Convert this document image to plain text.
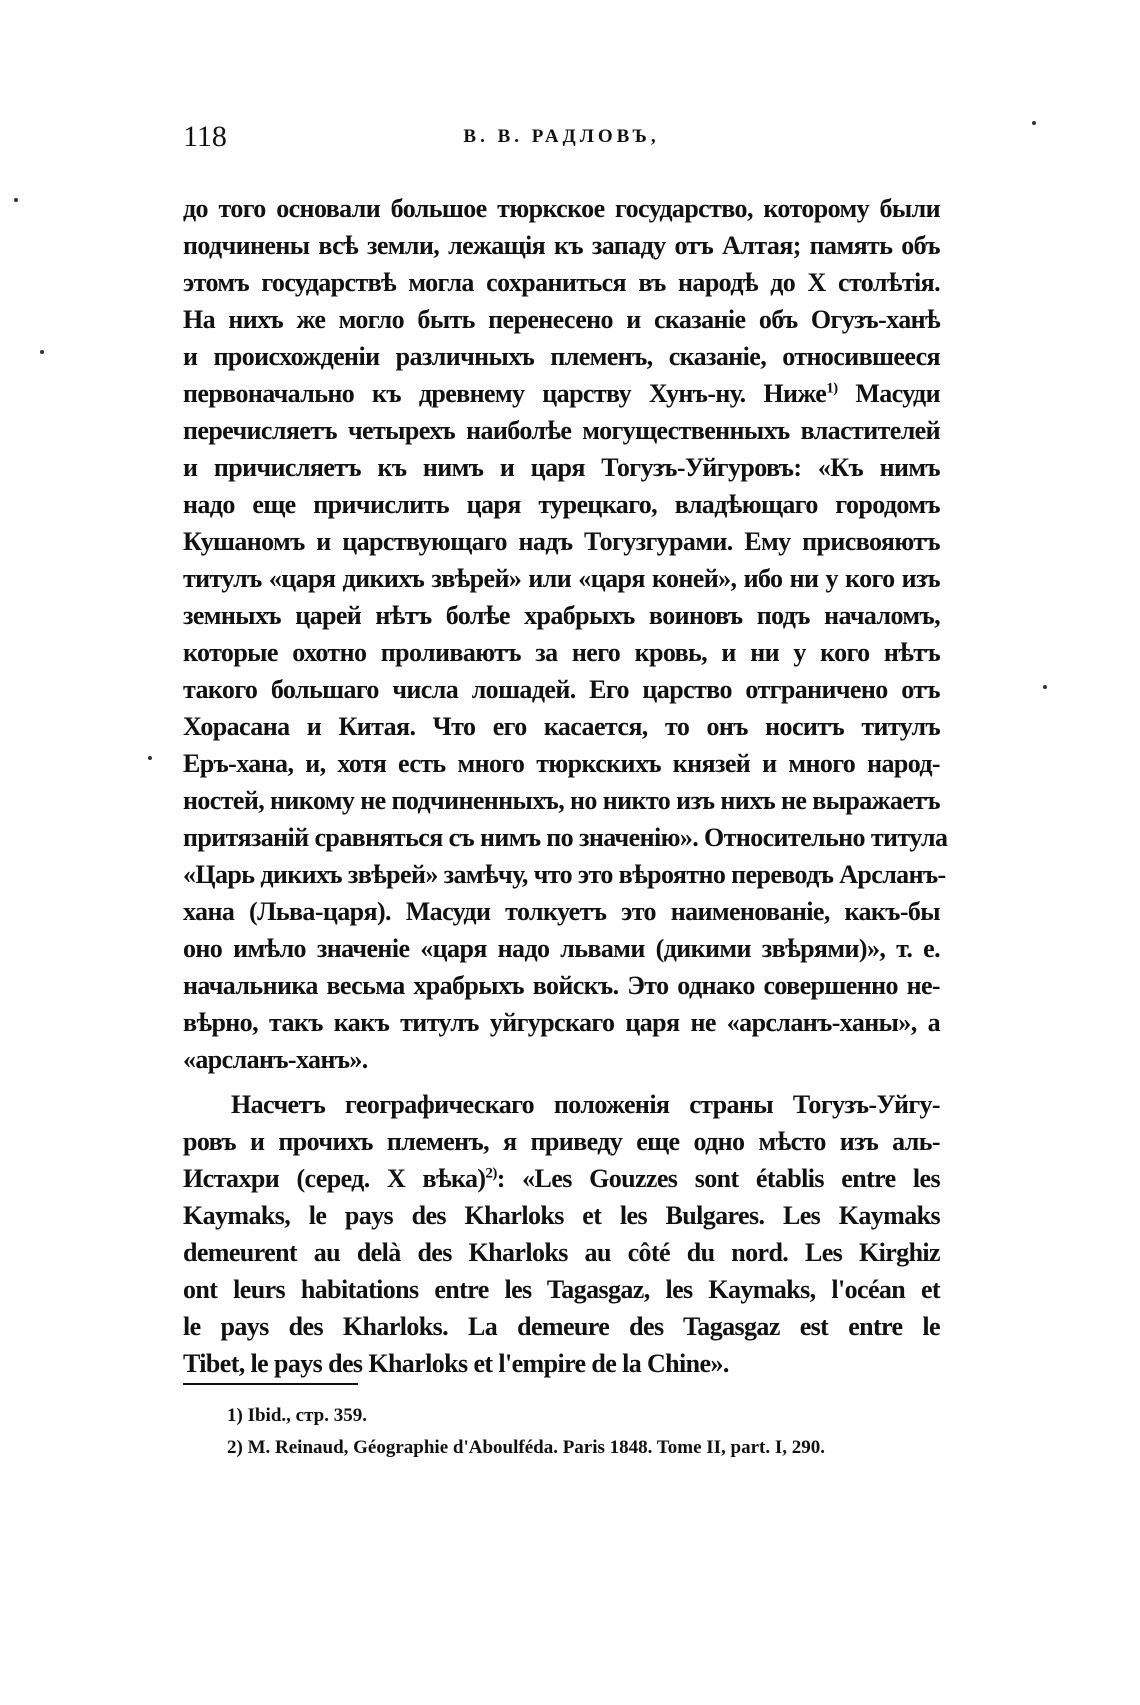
118	В. В. РАДЛОВЪ,
до того основали большое тюркское государство, которому были
подчинены всѣ земли, лежащія къ западу отъ Алтая; память объ
этомъ государствѣ могла сохраниться въ народѣ до X столѣтія.
На нихъ же могло быть перенесено и сказаніе объ Огузъ-ханѣ
и происхожденіи различныхъ племенъ, сказаніе, относившееся
первоначально къ древнему царству Хунъ-ну. Ниже$^{1)}$ Масуди
перечисляетъ четырехъ наиболѣе могущественныхъ властителей
и причисляетъ къ нимъ и царя Тогузъ-Уйгуровъ: «Къ нимъ
надо еще причислить царя турецкаго, владѣющаго городомъ
Кушаномъ и царствующаго надъ Тогузгурами. Ему присвояютъ
титулъ «царя дикихъ звѣрей» или «царя коней», ибо ни у кого изъ
земныхъ царей нѣтъ болѣе храбрыхъ воиновъ подъ началомъ,
которые охотно проливаютъ за него кровь, и ни у кого нѣтъ
такого большаго числа лошадей. Его царство отграничено отъ
Хорасана и Китая. Что его касается, то онъ носитъ титулъ
Еръ-хана, и, хотя есть много тюркскихъ князей и много народ-
ностей, никому не подчиненныхъ, но никто изъ нихъ не выражаетъ
притязаній сравняться съ нимъ по значенію». Относительно титула
«Царь дикихъ звѣрей» замѣчу, что это вѣроятно переводъ Арсланъ-
хана (Льва-царя). Масуди толкуетъ это наименованіе, какъ-бы
оно имѣло значеніе «царя надо львами (дикими звѣрями)», т. е.
начальника весьма храбрыхъ войскъ. Это однако совершенно не-
вѣрно, такъ какъ титулъ уйгурскаго царя не «арсланъ-ханы», а
«арсланъ-ханъ».
Насчетъ географическаго положенія страны Тогузъ-Уйгу-
ровъ и прочихъ племенъ, я приведу еще одно мѣсто изъ аль-
Истахри (серед. X вѣка)$^{2)}$: «Les Gouzzes sont établis entre les
Kaymaks, le pays des Kharloks et les Bulgares. Les Kaymaks
demeurent au delà des Kharloks au côté du nord. Les Kirghiz
ont leurs habitations entre les Tagasgaz, les Kaymaks, l'océan et
le pays des Kharloks. La demeure des Tagasgaz est entre le
Tibet, le pays des Kharloks et l'empire de la Chine».
1) Ibid., стр. 359.
2) M. Reinaud, Géographie d'Aboulféda. Paris 1848. Tome II, part. I, 290.
